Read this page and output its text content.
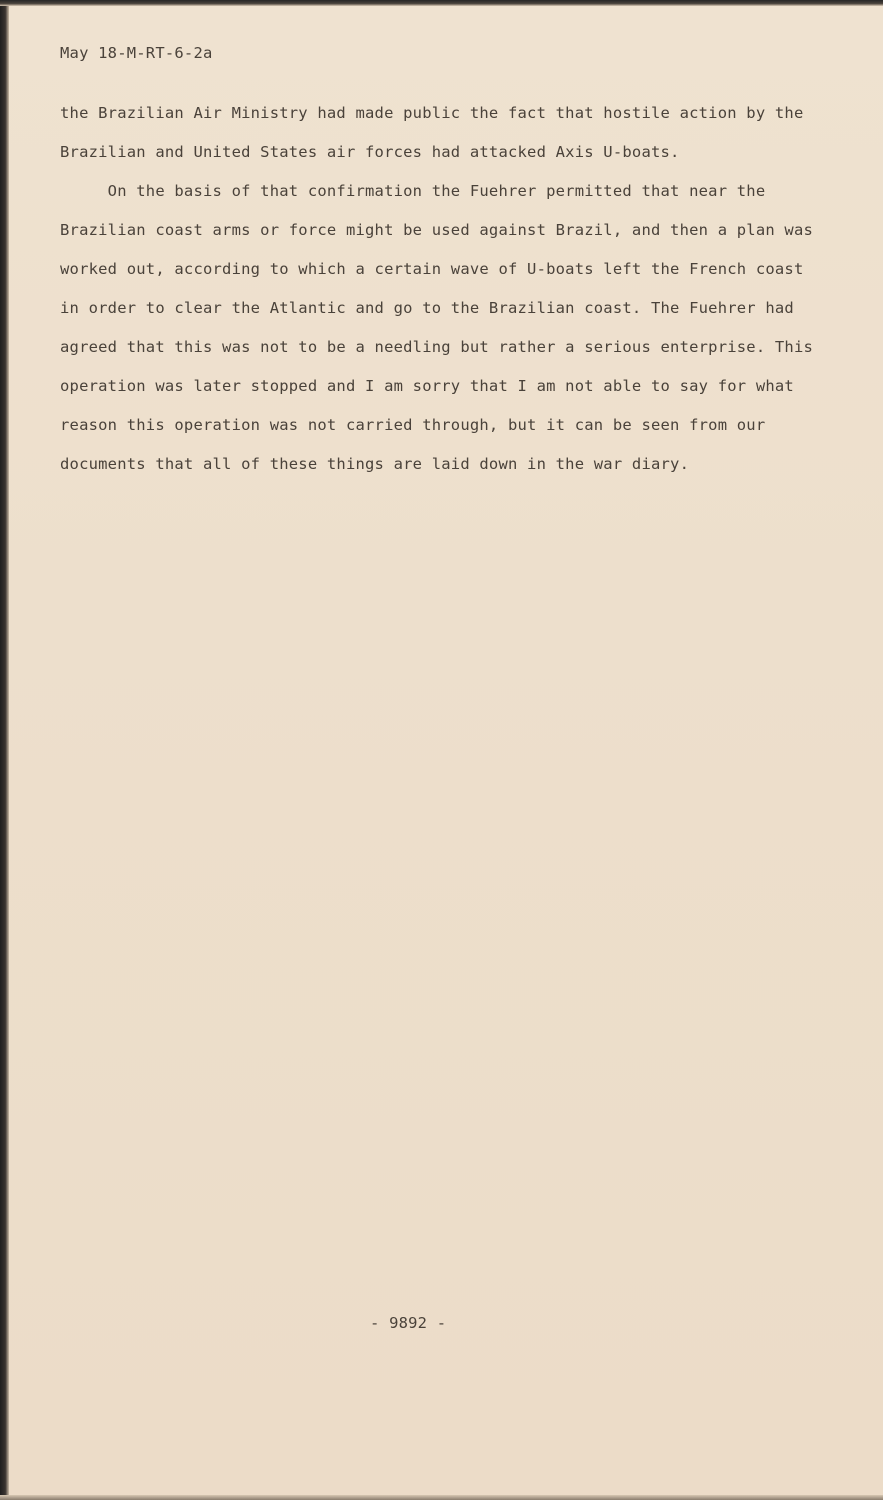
May 18-M-RT-6-2a
the Brazilian Air Ministry had made public the fact that hostile action by the
Brazilian and United States air forces had attacked Axis U-boats.
On the basis of that confirmation the Fuehrer permitted that near the
Brazilian coast arms or force might be used against Brazil, and then a plan was
worked out, according to which a certain wave of U-boats left the French coast
in order to clear the Atlantic and go to the Brazilian coast. The Fuehrer had
agreed that this was not to be a needling but rather a serious enterprise. This
operation was later stopped and I am sorry that I am not able to say for what
reason this operation was not carried through, but it can be seen from our
documents that all of these things are laid down in the war diary.
- 9892 -
